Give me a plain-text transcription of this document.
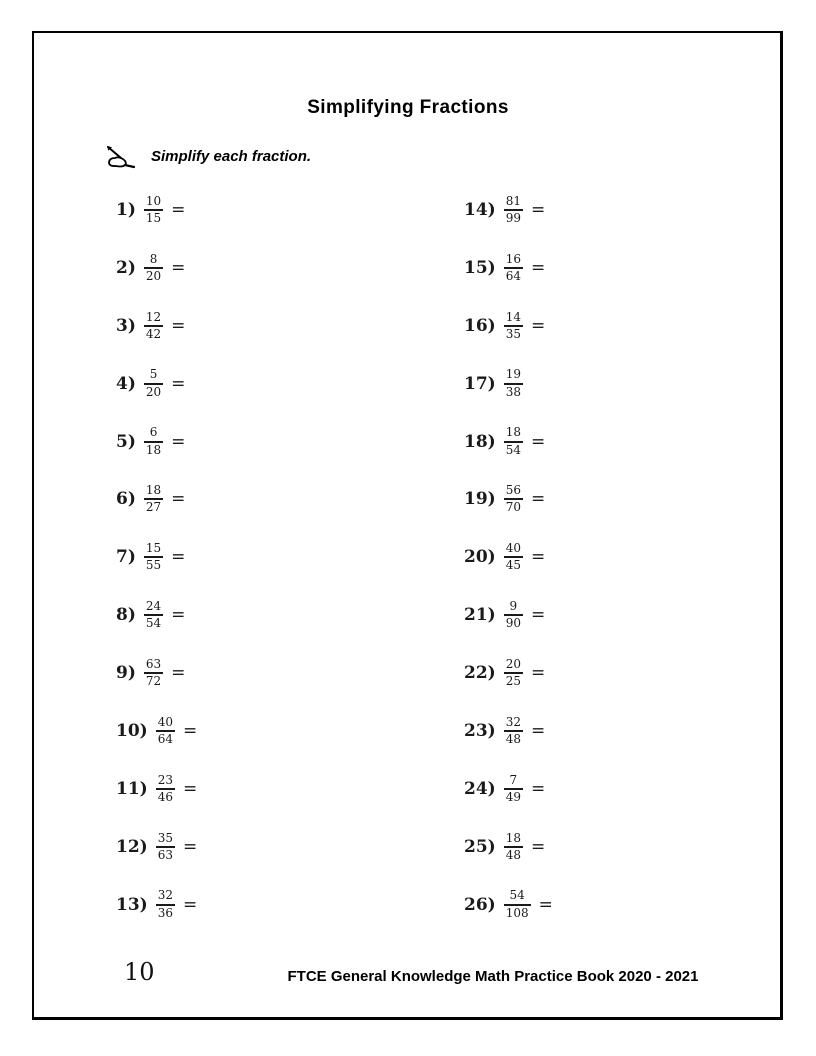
Simplifying Fractions
Simplify each fraction.
$1) \frac{10}{15}$ =
$2) \frac{8}{20}$ =
$3) \frac{12}{42}$ =
$4) \frac{5}{20}$ =
$5) \frac{6}{18}$ =
$6) \frac{18}{27}$ =
$7) \frac{15}{55}$ =
$8) \frac{24}{54}$ =
$9) \frac{63}{72}$ =
$10) \frac{40}{64}$ =
$11) \frac{23}{46}$ =
$12) \frac{35}{63}$ =
$13) \frac{32}{36}$ =
$14) \frac{81}{99}$ =
$15) \frac{16}{64}$ =
$16) \frac{14}{35}$ =
$17) \frac{19}{38}$
$18) \frac{18}{54}$ =
$19) \frac{56}{70}$ =
$20) \frac{40}{45}$ =
$21) \frac{9}{90}$ =
$22) \frac{20}{25}$ =
$23) \frac{32}{48}$ =
$24) \frac{7}{49}$ =
$25) \frac{18}{48}$ =
$26) \frac{54}{108}$ =
10	FTCE General Knowledge Math Practice Book 2020 - 2021
